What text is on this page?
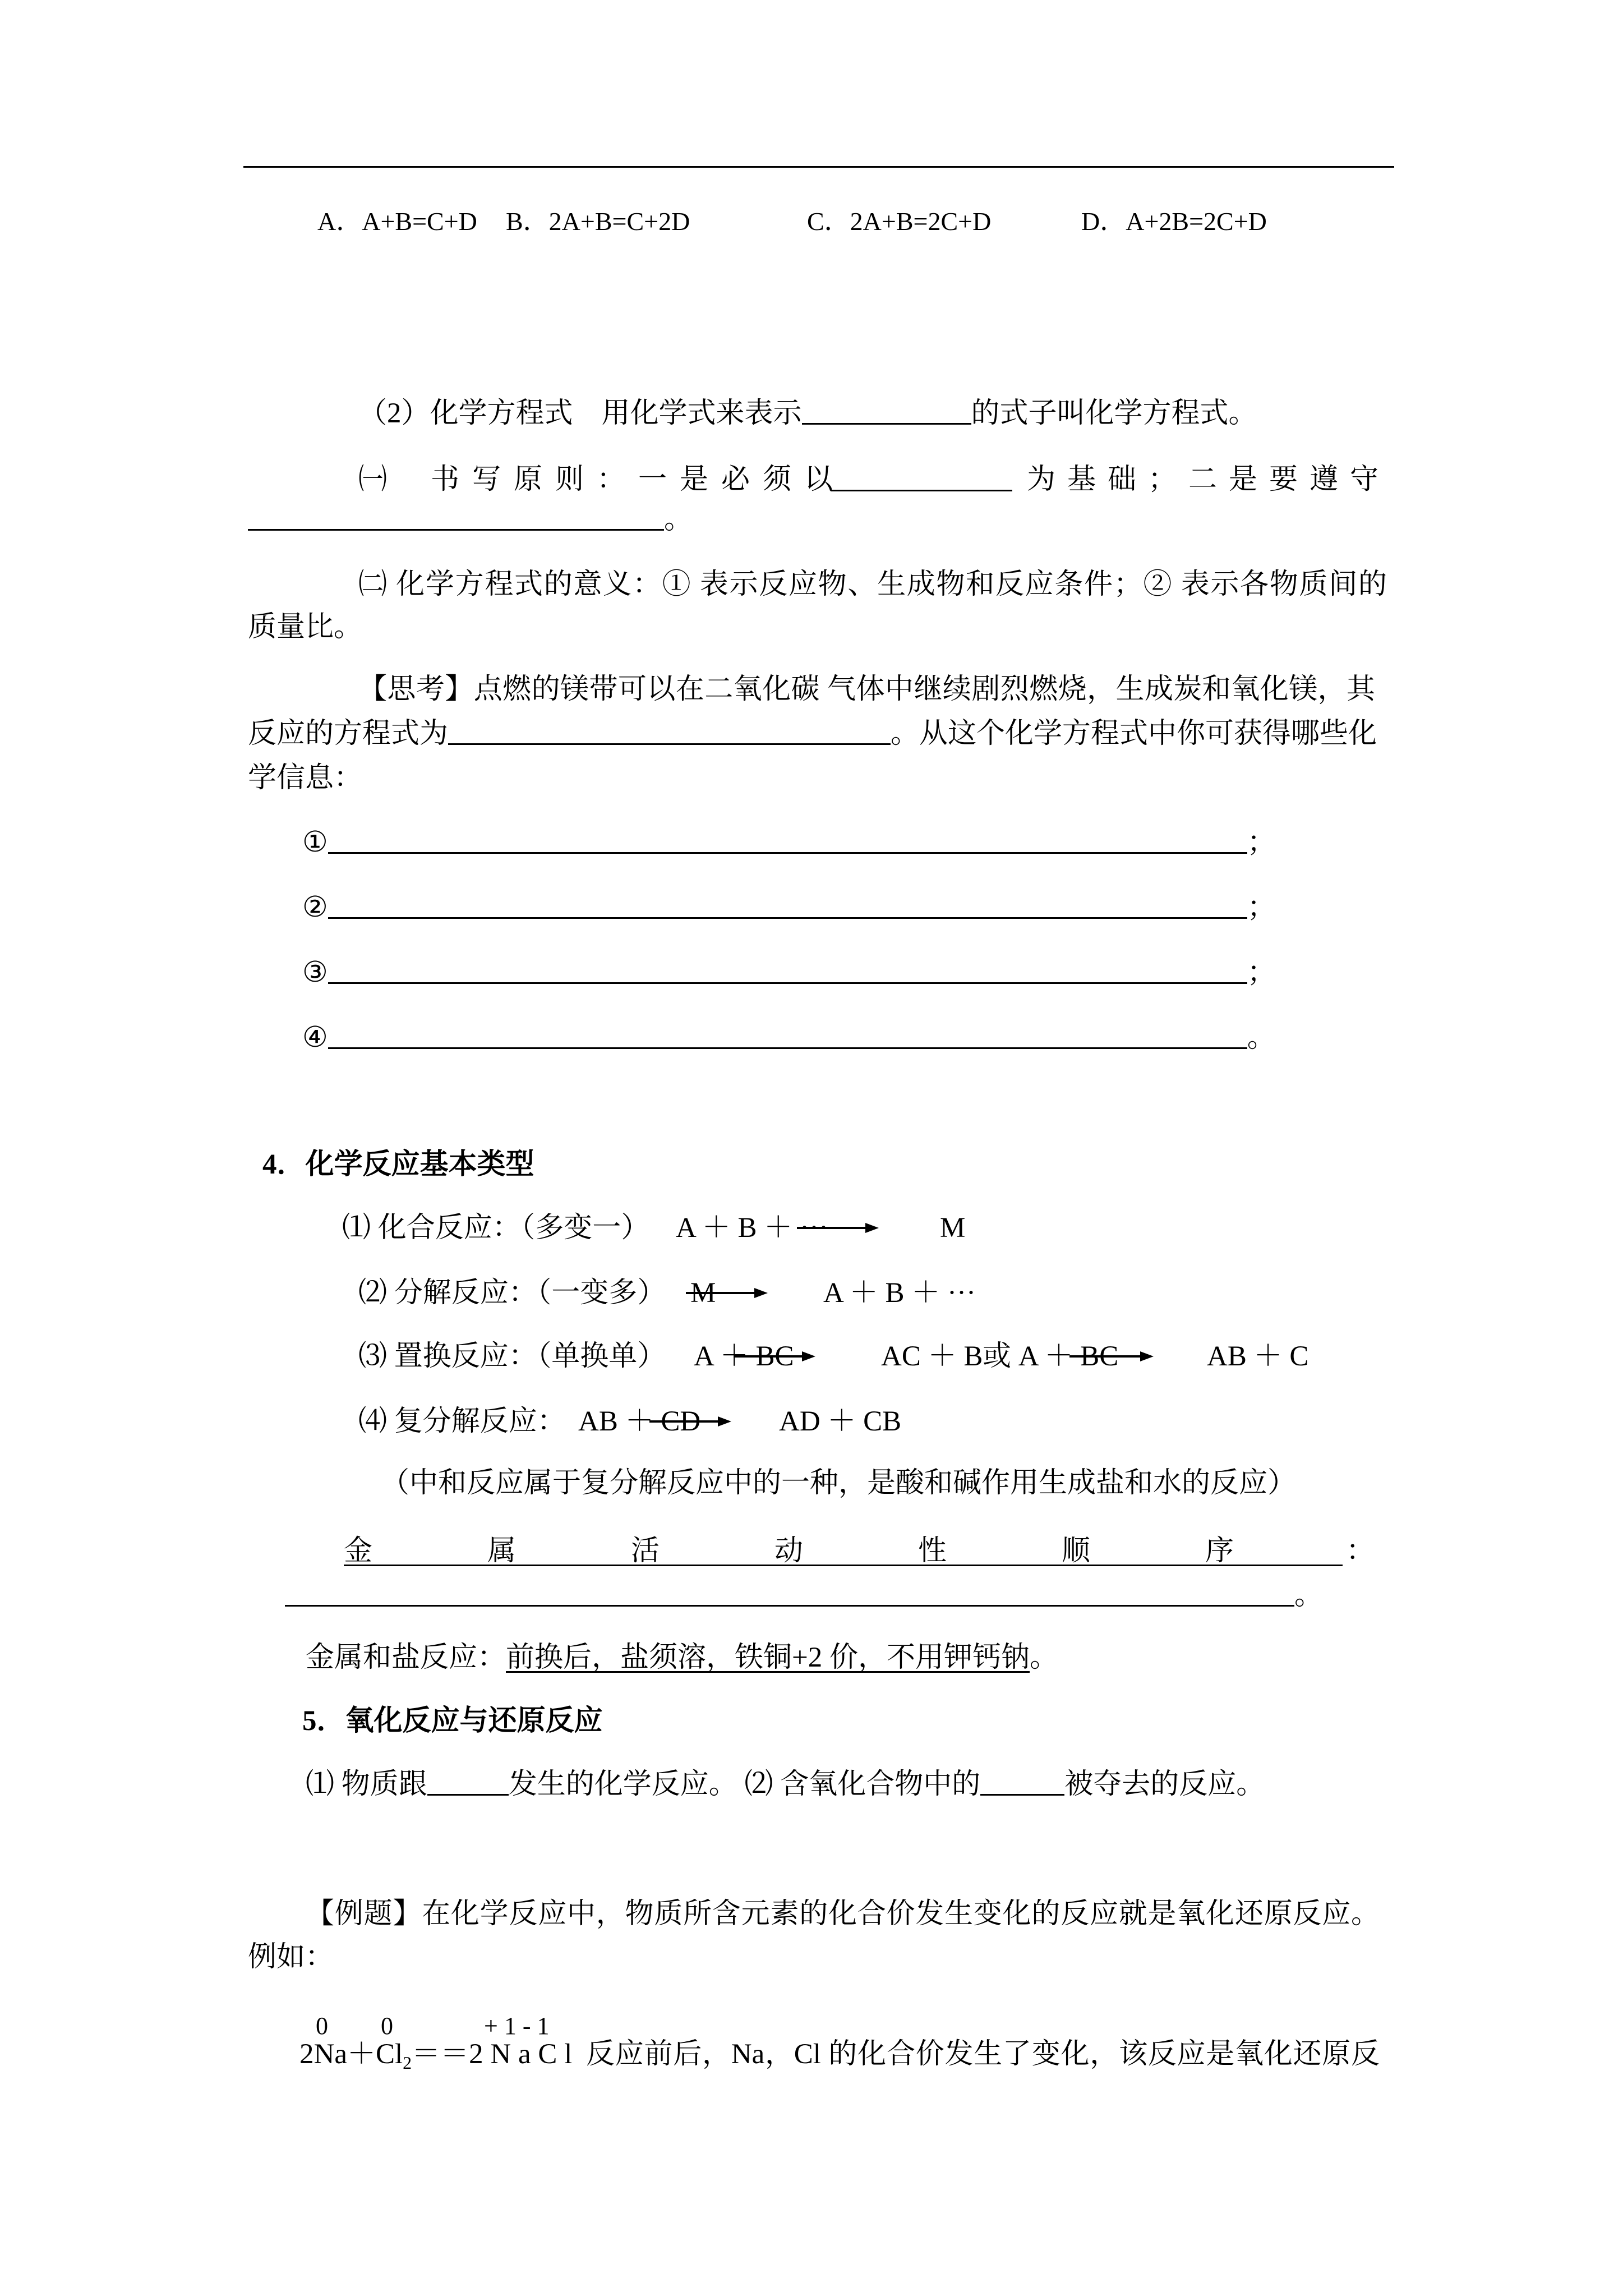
A．A+B=C+D B．2A+B=C+2D	C．2A+B=2C+D	D．A+2B=2C+D
（2）化学方程式　用化学式来表示	的式子叫化学方程式。
㈠ 书写原则：一是必须以	为基础；二是要遵守
。
㈡ 化学方程式的意义：① 表示反应物、生成物和反应条件；② 表示各物质间的
质量比。
【思考】点燃的镁带可以在二氧化碳 气体中继续剧烈燃烧，生成炭和氧化镁，其
反应的方程式为	。从这个化学方程式中你可获得哪些化
学信息：
①	；
②	；
③	；
④	。
4．化学反应基本类型
⑴ 化合反应：（多变一） A ＋ B ＋ ···	M
⑵ 分解反应：（一变多） M	A ＋ B ＋ ···
⑶ 置换反应：（单换单） A ＋ BC	AC ＋ B 或 A ＋ BC	AB ＋ C
⑷ 复分解反应： AB ＋ CD	AD ＋ CB
（中和反应属于复分解反应中的一种，是酸和碱作用生成盐和水的反应）
金属活动性顺序
：
。
金属和盐反应：前换后，盐须溶，铁铜+2 价，不用钾钙钠。
5．氧化反应与还原反应
⑴ 物质跟	发生的化学反应。 ⑵ 含氧化合物中的	被夺去的反应。
【例题】在化学反应中，物质所含元素的化合价发生变化的反应就是氧化还原反应。
例如：
0 0	+ 1 - 1
$2Na+Cl_2==2$ N a C l 反应前后，Na，Cl 的化合价发生了变化，该反应是氧化还原反
